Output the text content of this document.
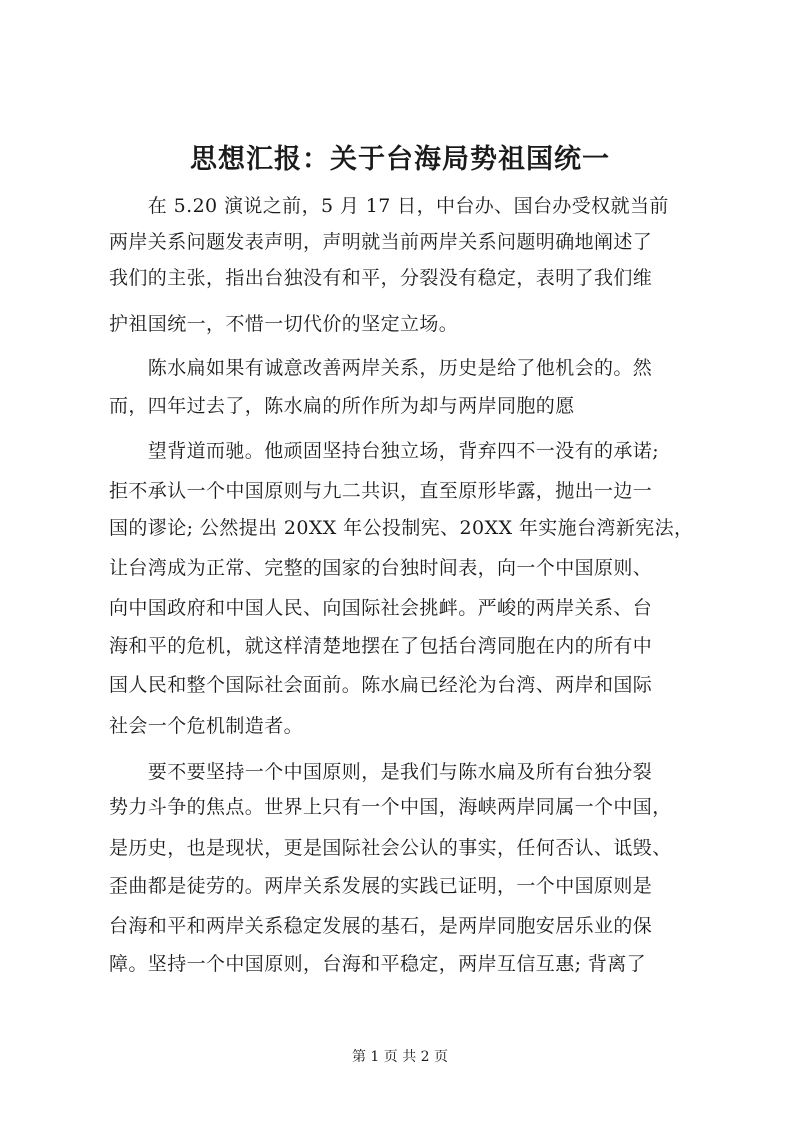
思想汇报：关于台海局势祖国统一

　　在 5.20 演说之前，5 月 17 日，中台办、国台办受权就当前

两岸关系问题发表声明，声明就当前两岸关系问题明确地阐述了

我们的主张，指出台独没有和平，分裂没有稳定，表明了我们维

护祖国统一，不惜一切代价的坚定立场。

　　陈水扁如果有诚意改善两岸关系，历史是给了他机会的。然

而，四年过去了，陈水扁的所作所为却与两岸同胞的愿

　　望背道而驰。他顽固坚持台独立场，背弃四不一没有的承诺;

拒不承认一个中国原则与九二共识，直至原形毕露，抛出一边一

国的谬论; 公然提出 20XX 年公投制宪、20XX 年实施台湾新宪法，

让台湾成为正常、完整的国家的台独时间表，向一个中国原则、

向中国政府和中国人民、向国际社会挑衅。严峻的两岸关系、台

海和平的危机，就这样清楚地摆在了包括台湾同胞在内的所有中

国人民和整个国际社会面前。陈水扁已经沦为台湾、两岸和国际

社会一个危机制造者。

　　要不要坚持一个中国原则，是我们与陈水扁及所有台独分裂

势力斗争的焦点。世界上只有一个中国，海峡两岸同属一个中国，

是历史，也是现状，更是国际社会公认的事实，任何否认、诋毁、

歪曲都是徒劳的。两岸关系发展的实践已证明，一个中国原则是

台海和平和两岸关系稳定发展的基石，是两岸同胞安居乐业的保

障。坚持一个中国原则，台海和平稳定，两岸互信互惠; 背离了

第 1 页 共 2 页
